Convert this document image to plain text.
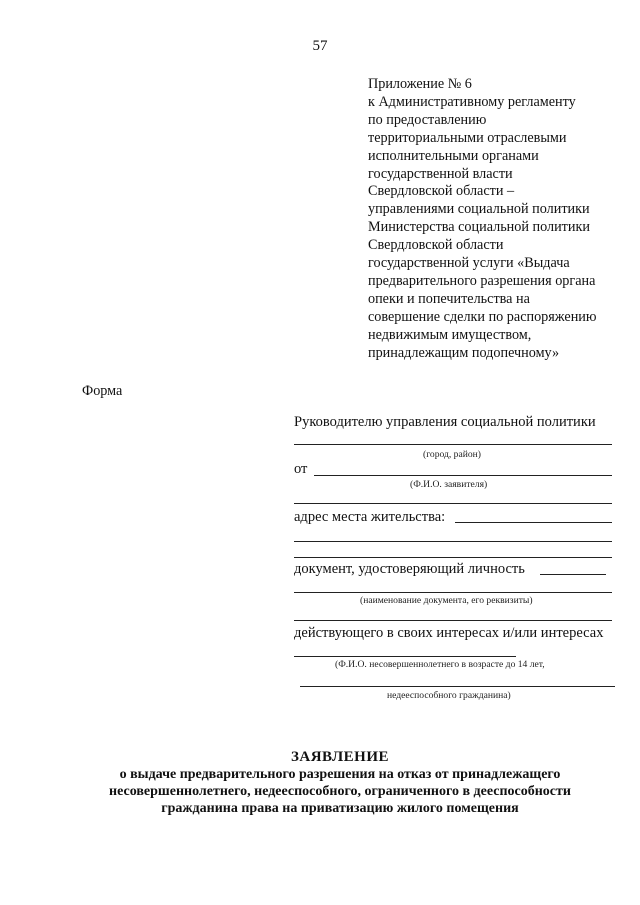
57
Приложение № 6
к Административному регламенту
по предоставлению
территориальными отраслевыми
исполнительными органами
государственной власти
Свердловской области –
управлениями социальной политики
Министерства социальной политики
Свердловской области
государственной услуги «Выдача
предварительного разрешения органа
опеки и попечительства на
совершение сделки по распоряжению
недвижимым имуществом,
принадлежащим подопечному»
Форма
Руководителю управления социальной политики
(город, район)
от
(Ф.И.О. заявителя)
адрес места жительства:
документ, удостоверяющий личность
(наименование документа, его реквизиты)
действующего в своих интересах и/или интересах
(Ф.И.О. несовершеннолетнего в возрасте до 14 лет,
недееспособного гражданина)
ЗАЯВЛЕНИЕ
о выдаче предварительного разрешения на отказ от принадлежащего
несовершеннолетнего, недееспособного, ограниченного в дееспособности
гражданина права на приватизацию жилого помещения
